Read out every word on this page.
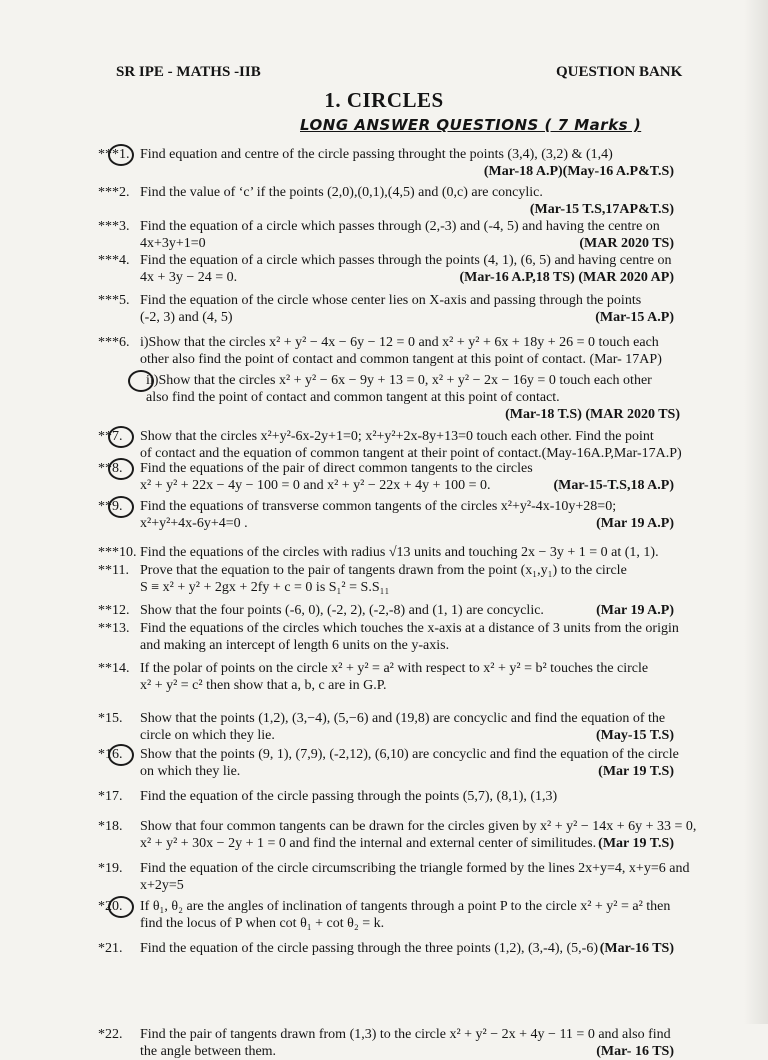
SR IPE - MATHS -IIB	QUESTION BANK
1. CIRCLES
LONG ANSWER QUESTIONS ( 7 Marks )
***1. Find equation and centre of the circle passing throught the points (3,4), (3,2) & (1,4)
(Mar-18 A.P)(May-16 A.P&T.S)
***2. Find the value of ‘c’ if the points (2,0),(0,1),(4,5) and (0,c) are concylic.
(Mar-15 T.S,17AP&T.S)
***3. Find the equation of a circle which passes through (2,-3) and (-4, 5) and having the centre on
4x+3y+1=0	(MAR 2020 TS)
***4. Find the equation of a circle which passes through the points (4, 1), (6, 5) and having centre on
4x + 3y − 24 = 0.	(Mar-16 A.P,18 TS) (MAR 2020 AP)
***5. Find the equation of the circle whose center lies on X-axis and passing through the points
(-2, 3) and (4, 5)	(Mar-15 A.P)
***6. i)Show that the circles x² + y² − 4x − 6y − 12 = 0 and x² + y² + 6x + 18y + 26 = 0 touch each
other also find the point of contact and common tangent at this point of contact. (Mar- 17AP)
ii)Show that the circles x² + y² − 6x − 9y + 13 = 0, x² + y² − 2x − 16y = 0 touch each other
also find the point of contact and common tangent at this point of contact.
(Mar-18 T.S) (MAR 2020 TS)
**7. Show that the circles x²+y²-6x-2y+1=0; x²+y²+2x-8y+13=0 touch each other. Find the point
of contact and the equation of common tangent at their point of contact.(May-16A.P,Mar-17A.P)
**8. Find the equations of the pair of direct common tangents to the circles
x² + y² + 22x − 4y − 100 = 0 and x² + y² − 22x + 4y + 100 = 0.	(Mar-15-T.S,18 A.P)
**9. Find the equations of transverse common tangents of the circles x²+y²-4x-10y+28=0;
x²+y²+4x-6y+4=0 .	(Mar 19 A.P)
***10. Find the equations of the circles with radius √13 units and touching 2x − 3y + 1 = 0 at (1, 1).
**11. Prove that the equation to the pair of tangents drawn from the point (x₁,y₁) to the circle
S ≡ x² + y² + 2gx + 2fy + c = 0 is S₁² = S.S₁₁
**12. Show that the four points (-6, 0), (-2, 2), (-2,-8) and (1, 1) are concyclic.	(Mar 19 A.P)
**13. Find the equations of the circles which touches the x-axis at a distance of 3 units from the origin
and making an intercept of length 6 units on the y-axis.
**14. If the polar of points on the circle x² + y² = a² with respect to x² + y² = b² touches the circle
x² + y² = c² then show that a, b, c are in G.P.
*15. Show that the points (1,2), (3,−4), (5,−6) and (19,8) are concyclic and find the equation of the
circle on which they lie.	(May-15 T.S)
*16. Show that the points (9, 1), (7,9), (-2,12), (6,10) are concyclic and find the equation of the circle
on which they lie.	(Mar 19 T.S)
*17. Find the equation of the circle passing through the points (5,7), (8,1), (1,3)
*18. Show that four common tangents can be drawn for the circles given by x² + y² − 14x + 6y + 33 = 0,
x² + y² + 30x − 2y + 1 = 0 and find the internal and external center of similitudes. (Mar 19 T.S)
*19. Find the equation of the circle circumscribing the triangle formed by the lines 2x+y=4, x+y=6 and
x+2y=5
*20. If θ₁, θ₂ are the angles of inclination of tangents through a point P to the circle x² + y² = a² then
find the locus of P when cot θ₁ + cot θ₂ = k.
*21. Find the equation of the circle passing through the three points (1,2), (3,-4), (5,-6) (Mar-16 TS)
*22. Find the pair of tangents drawn from (1,3) to the circle x² + y² − 2x + 4y − 11 = 0 and also find
the angle between them.	(Mar- 16 TS)
